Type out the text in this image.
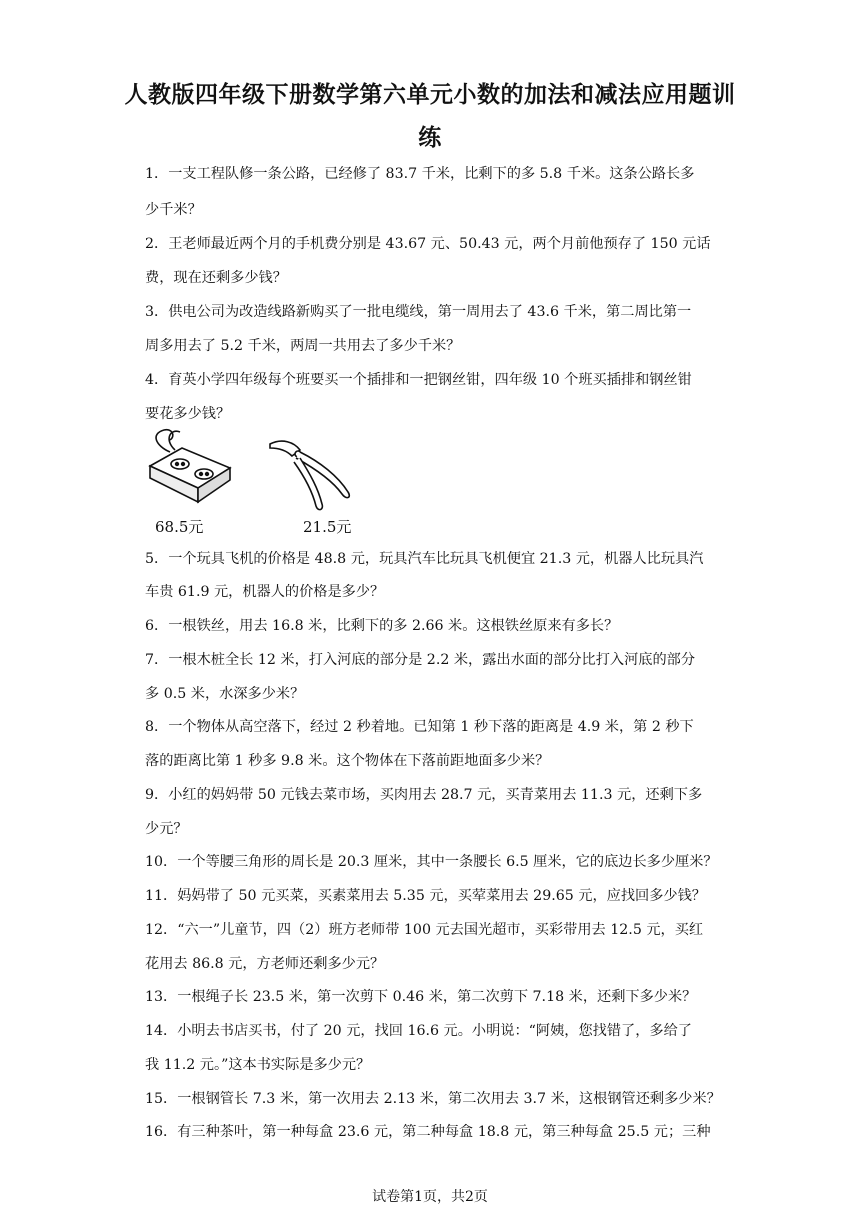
人教版四年级下册数学第六单元小数的加法和减法应用题训
练
1．一支工程队修一条公路，已经修了 83.7 千米，比剩下的多 5.8 千米。这条公路长多
少千米？
2．王老师最近两个月的手机费分别是 43.67 元、50.43 元，两个月前他预存了 150 元话
费，现在还剩多少钱？
3．供电公司为改造线路新购买了一批电缆线，第一周用去了 43.6 千米，第二周比第一
周多用去了 5.2 千米，两周一共用去了多少千米？
4．育英小学四年级每个班要买一个插排和一把钢丝钳，四年级 10 个班买插排和钢丝钳
要花多少钱？
68.5元	21.5元
5．一个玩具飞机的价格是 48.8 元，玩具汽车比玩具飞机便宜 21.3 元，机器人比玩具汽
车贵 61.9 元，机器人的价格是多少？
6．一根铁丝，用去 16.8 米，比剩下的多 2.66 米。这根铁丝原来有多长？
7．一根木桩全长 12 米，打入河底的部分是 2.2 米，露出水面的部分比打入河底的部分
多 0.5 米，水深多少米？
8．一个物体从高空落下，经过 2 秒着地。已知第 1 秒下落的距离是 4.9 米，第 2 秒下
落的距离比第 1 秒多 9.8 米。这个物体在下落前距地面多少米？
9．小红的妈妈带 50 元钱去菜市场，买肉用去 28.7 元，买青菜用去 11.3 元，还剩下多
少元？
10．一个等腰三角形的周长是 20.3 厘米，其中一条腰长 6.5 厘米，它的底边长多少厘米？
11．妈妈带了 50 元买菜，买素菜用去 5.35 元，买荤菜用去 29.65 元，应找回多少钱？
12．“六一”儿童节，四（2）班方老师带 100 元去国光超市，买彩带用去 12.5 元，买红
花用去 86.8 元，方老师还剩多少元？
13．一根绳子长 23.5 米，第一次剪下 0.46 米，第二次剪下 7.18 米，还剩下多少米？
14．小明去书店买书，付了 20 元，找回 16.6 元。小明说：“阿姨，您找错了，多给了
我 11.2 元。”这本书实际是多少元？
15．一根钢管长 7.3 米，第一次用去 2.13 米，第二次用去 3.7 米，这根钢管还剩多少米？
16．有三种茶叶，第一种每盒 23.6 元，第二种每盒 18.8 元，第三种每盒 25.5 元；三种
试卷第1页，共2页
